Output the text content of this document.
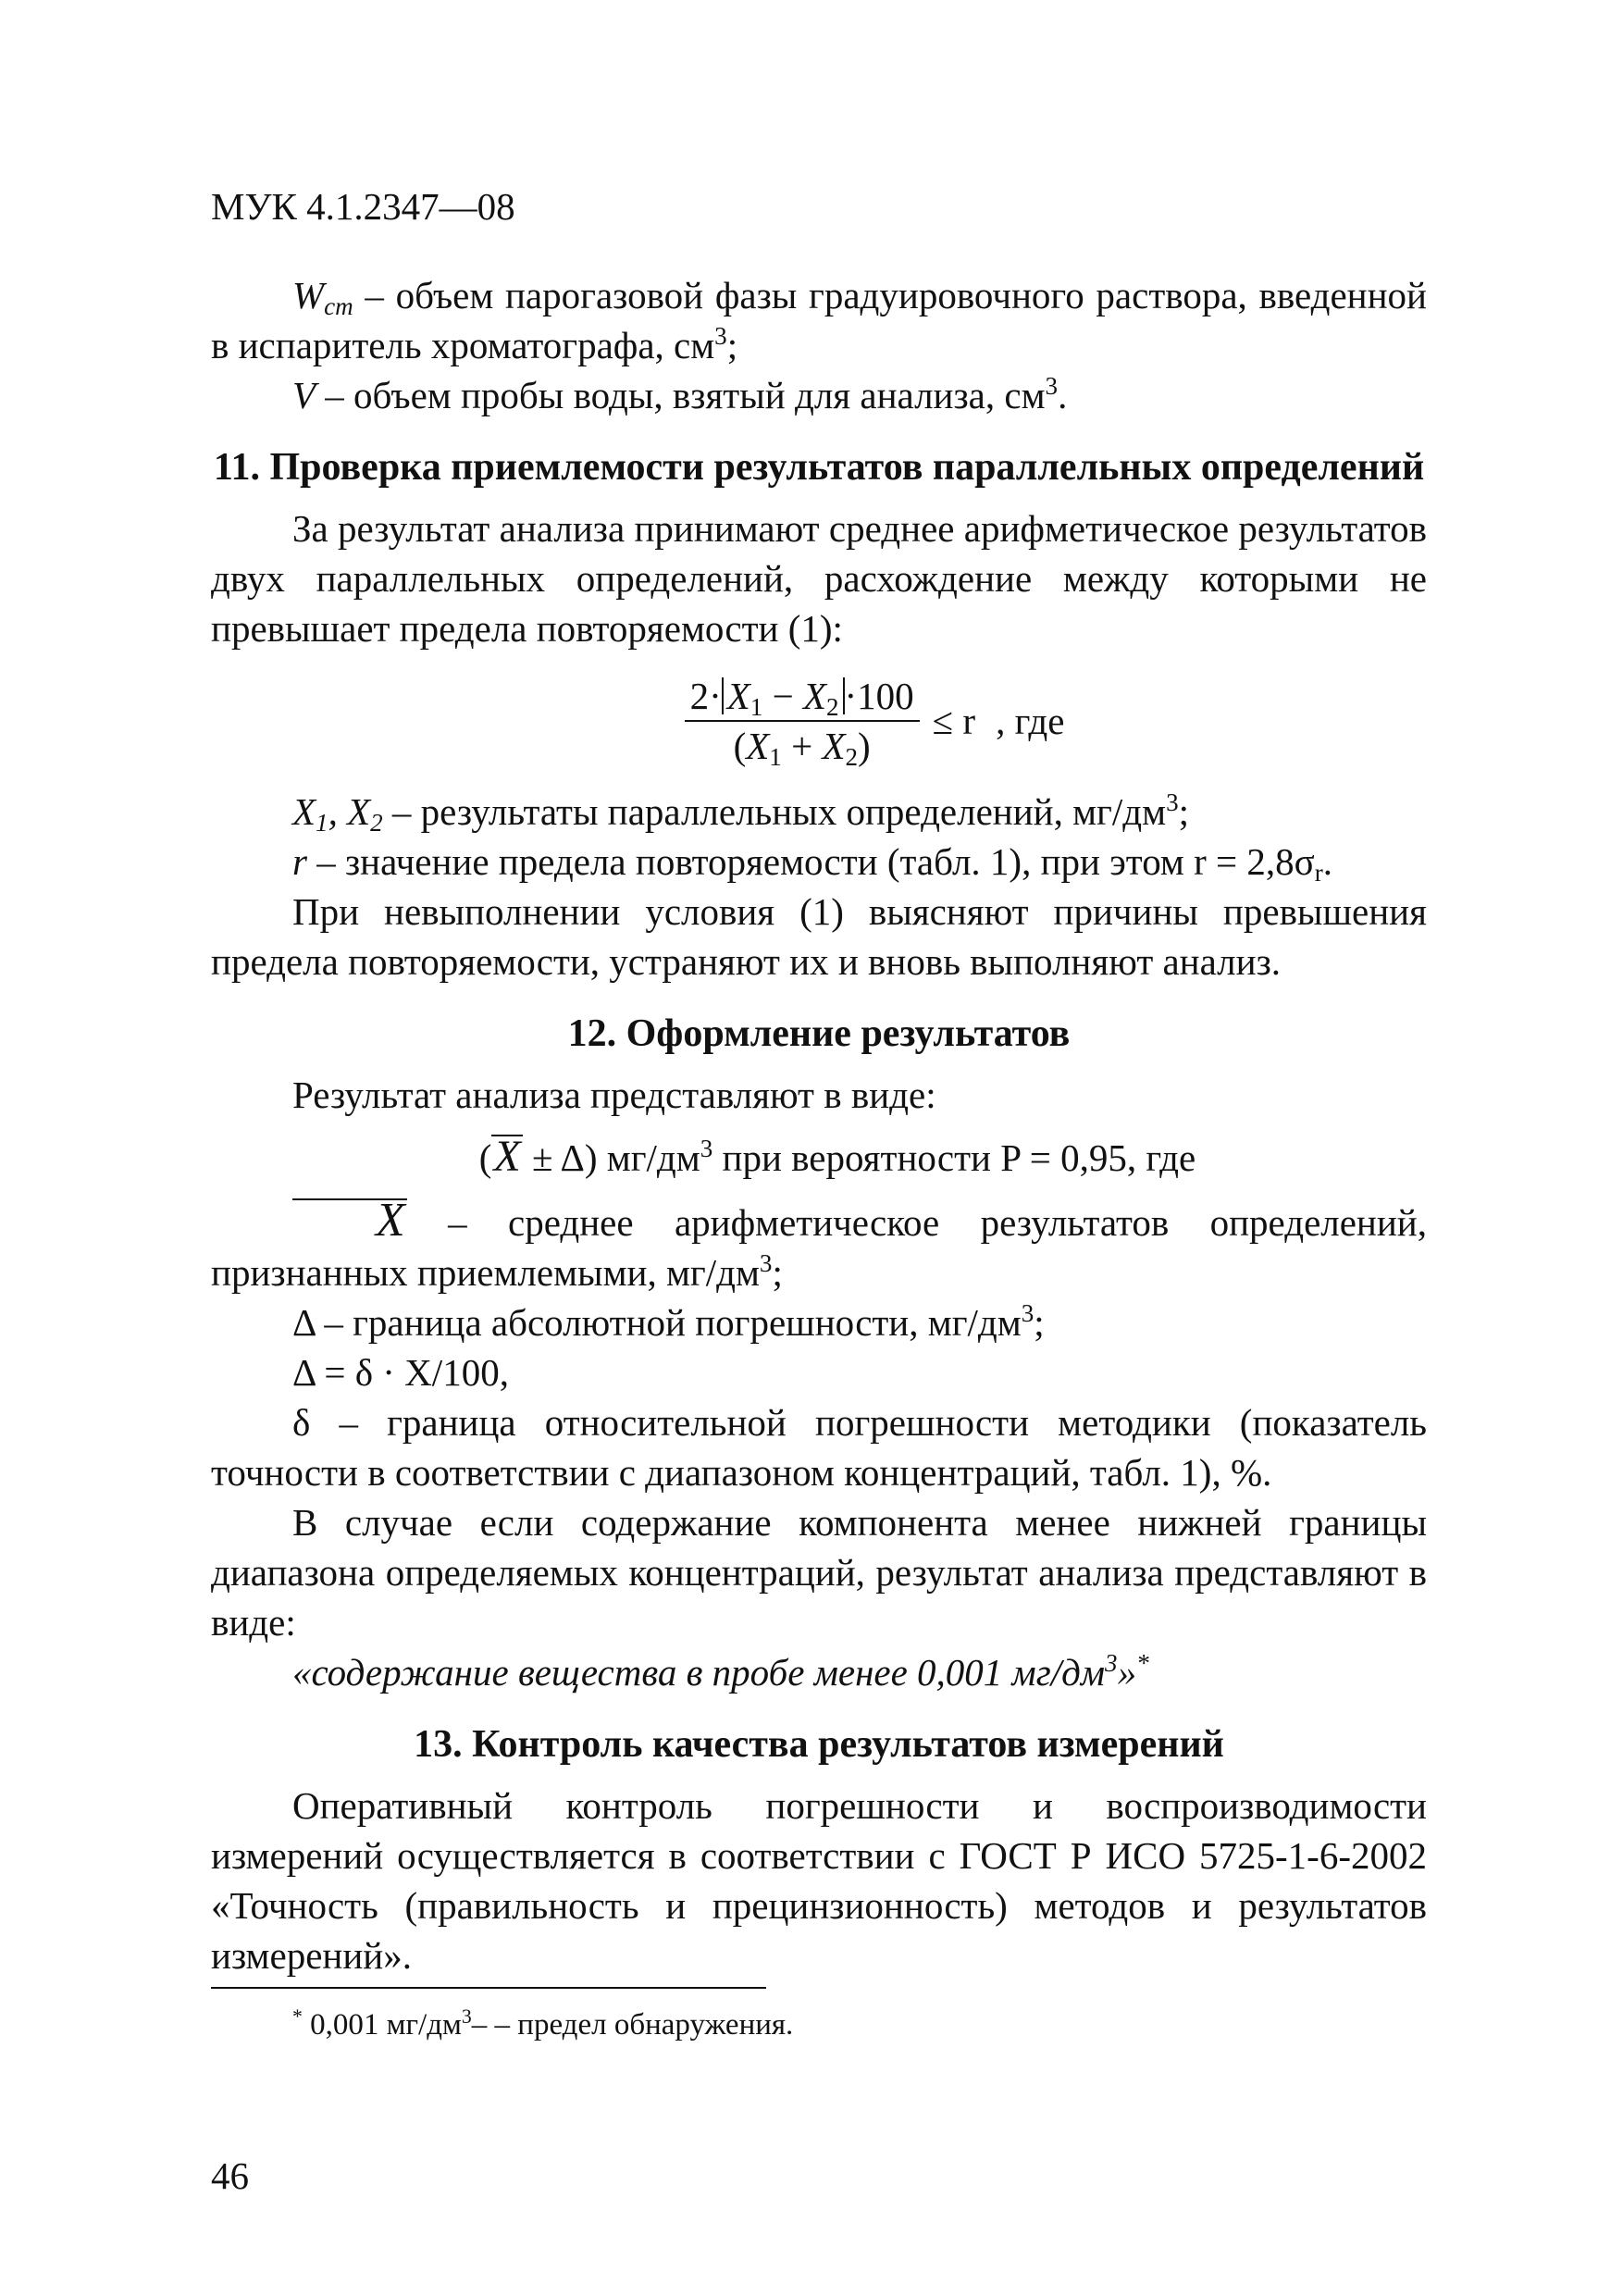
МУК 4.1.2347—08

$W_{ст}$ – объем парогазовой фазы градуировочного раствора, введенной в испаритель хроматографа, $см^3$;

V – объем пробы воды, взятый для анализа, $см^3$.

11. Проверка приемлемости результатов параллельных определений

За результат анализа принимают среднее арифметическое результатов двух параллельных определений, расхождение между которыми не превышает предела повторяемости (1):

$\frac{2\cdot X_1 - X_2 \cdot 100}{(X_1 + X_2)} \le r$ , где

$X_1$, $X_2$ – результаты параллельных определений, $мг/дм^3$;

r – значение предела повторяемости (табл. 1), при этом $r = 2,8\sigma_r$.

При невыполнении условия (1) выясняют причины превышения предела повторяемости, устраняют их и вновь выполняют анализ.

12. Оформление результатов

Результат анализа представляют в виде:

(X ± Δ) $мг/дм^3$ при вероятности P = 0,95, где

X – среднее арифметическое результатов определений, признанных приемлемыми, $мг/дм^3$;

Δ – граница абсолютной погрешности, $мг/дм^3$;

Δ = δ · X/100,

δ – граница относительной погрешности методики (показатель точности в соответствии с диапазоном концентраций, табл. 1), %.

В случае если содержание компонента менее нижней границы диапазона определяемых концентраций, результат анализа представляют в виде:

«содержание вещества в пробе менее 0,001 $мг/дм^3»^*$

13. Контроль качества результатов измерений

Оперативный контроль погрешности и воспроизводимости измерений осуществляется в соответствии с ГОСТ Р ИСО 5725-1-6-2002 «Точность (правильность и прецинзионность) методов и результатов измерений».

* 0,001 $мг/дм^3-$ – предел обнаружения.
46
